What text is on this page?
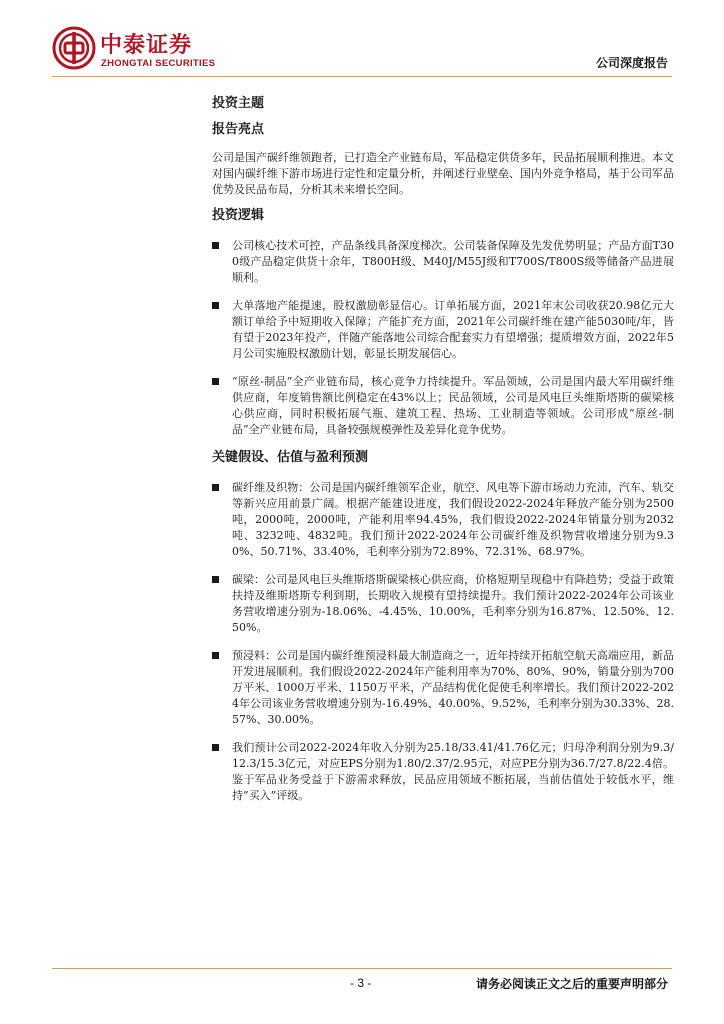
中泰证券
ZHONGTAI SECURITIES	公司深度报告
投资主题
报告亮点

公司是国产碳纤维领跑者，已打造全产业链布局，军品稳定供货多年，民品拓展顺利推进。本文对国内碳纤维下游市场进行定性和定量分析，并阐述行业壁垒、国内外竞争格局，基于公司军品优势及民品布局，分析其未来增长空间。

投资逻辑
公司核心技术可控，产品条线具备深度梯次。公司装备保障及先发优势明显；产品方面T300级产品稳定供货十余年，T800H级、M40J/M55J级和T700S/T800S级等储备产品进展顺利。
大单落地产能提速，股权激励彰显信心。订单拓展方面，2021年末公司收获20.98亿元大额订单给予中短期收入保障；产能扩充方面，2021年公司碳纤维在建产能5030吨/年，皆有望于2023年投产，伴随产能落地公司综合配套实力有望增强；提质增效方面，2022年5月公司实施股权激励计划，彰显长期发展信心。
“原丝-制品”全产业链布局，核心竞争力持续提升。军品领域，公司是国内最大军用碳纤维供应商，年度销售额比例稳定在43%以上；民品领域，公司是风电巨头维斯塔斯的碳梁核心供应商，同时积极拓展气瓶、建筑工程、热场、工业制造等领域。公司形成“原丝-制品”全产业链布局，具备较强规模弹性及差异化竞争优势。
关键假设、估值与盈利预测
碳纤维及织物：公司是国内碳纤维领军企业，航空、风电等下游市场动力充沛，汽车、轨交等新兴应用前景广阔。根据产能建设进度，我们假设2022-2024年释放产能分别为2500吨，2000吨，2000吨，产能利用率94.45%，我们假设2022-2024年销量分别为2032吨、3232吨、4832吨。我们预计2022-2024年公司碳纤维及织物营收增速分别为9.30%、50.71%、33.40%，毛利率分别为72.89%、72.31%、68.97%。
碳梁：公司是风电巨头维斯塔斯碳梁核心供应商，价格短期呈现稳中有降趋势；受益于政策扶持及维斯塔斯专利到期，长期收入规模有望持续提升。我们预计2022-2024年公司该业务营收增速分别为-18.06%、-4.45%、10.00%，毛利率分别为16.87%、12.50%、12.50%。
预浸料：公司是国内碳纤维预浸料最大制造商之一，近年持续开拓航空航天高端应用，新品开发进展顺利。我们假设2022-2024年产能利用率为70%、80%、90%，销量分别为700万平米、1000万平米、1150万平米，产品结构优化促使毛利率增长。我们预计2022-2024年公司该业务营收增速分别为-16.49%、40.00%、9.52%，毛利率分别为30.33%、28.57%、30.00%。
我们预计公司2022-2024年收入分别为25.18/33.41/41.76亿元；归母净利润分别为9.3/12.3/15.3亿元，对应EPS分别为1.80/2.37/2.95元，对应PE分别为36.7/27.8/22.4倍。鉴于军品业务受益于下游需求释放，民品应用领域不断拓展，当前估值处于较低水平，维持“买入”评级。
- 3 -	请务必阅读正文之后的重要声明部分
